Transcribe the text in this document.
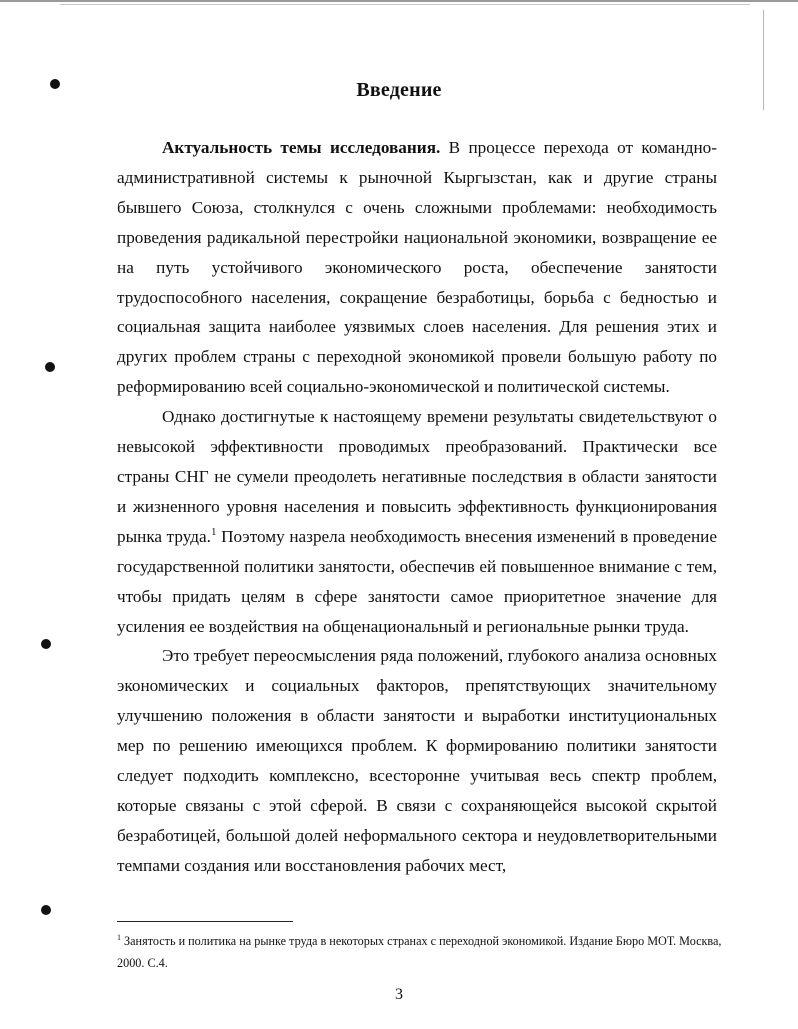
Введение

Актуальность темы исследования. В процессе перехода от командно-административной системы к рыночной Кыргызстан, как и другие страны бывшего Союза, столкнулся с очень сложными проблемами: необходимость проведения радикальной перестройки национальной экономики, возвращение ее на путь устойчивого экономического роста, обеспечение занятости трудоспособного населения, сокращение безработицы, борьба с бедностью и социальная защита наиболее уязвимых слоев населения. Для решения этих и других проблем страны с переходной экономикой провели большую работу по реформированию всей социально-экономической и политической системы.

Однако достигнутые к настоящему времени результаты свидетельствуют о невысокой эффективности проводимых преобразований. Практически все страны СНГ не сумели преодолеть негативные последствия в области занятости и жизненного уровня населения и повысить эффективность функционирования рынка труда.$^1$ Поэтому назрела необходимость внесения изменений в проведение государственной политики занятости, обеспечив ей повышенное внимание с тем, чтобы придать целям в сфере занятости самое приоритетное значение для усиления ее воздействия на общенациональный и региональные рынки труда.

Это требует переосмысления ряда положений, глубокого анализа основных экономических и социальных факторов, препятствующих значительному улучшению положения в области занятости и выработки институциональных мер по решению имеющихся проблем. К формированию политики занятости следует подходить комплексно, всесторонне учитывая весь спектр проблем, которые связаны с этой сферой. В связи с сохраняющейся высокой скрытой безработицей, большой долей неформального сектора и неудовлетворительными темпами создания или восстановления рабочих мест,

$^1$ Занятость и политика на рынке труда в некоторых странах с переходной экономикой. Издание Бюро МОТ. Москва, 2000. С.4.

3
